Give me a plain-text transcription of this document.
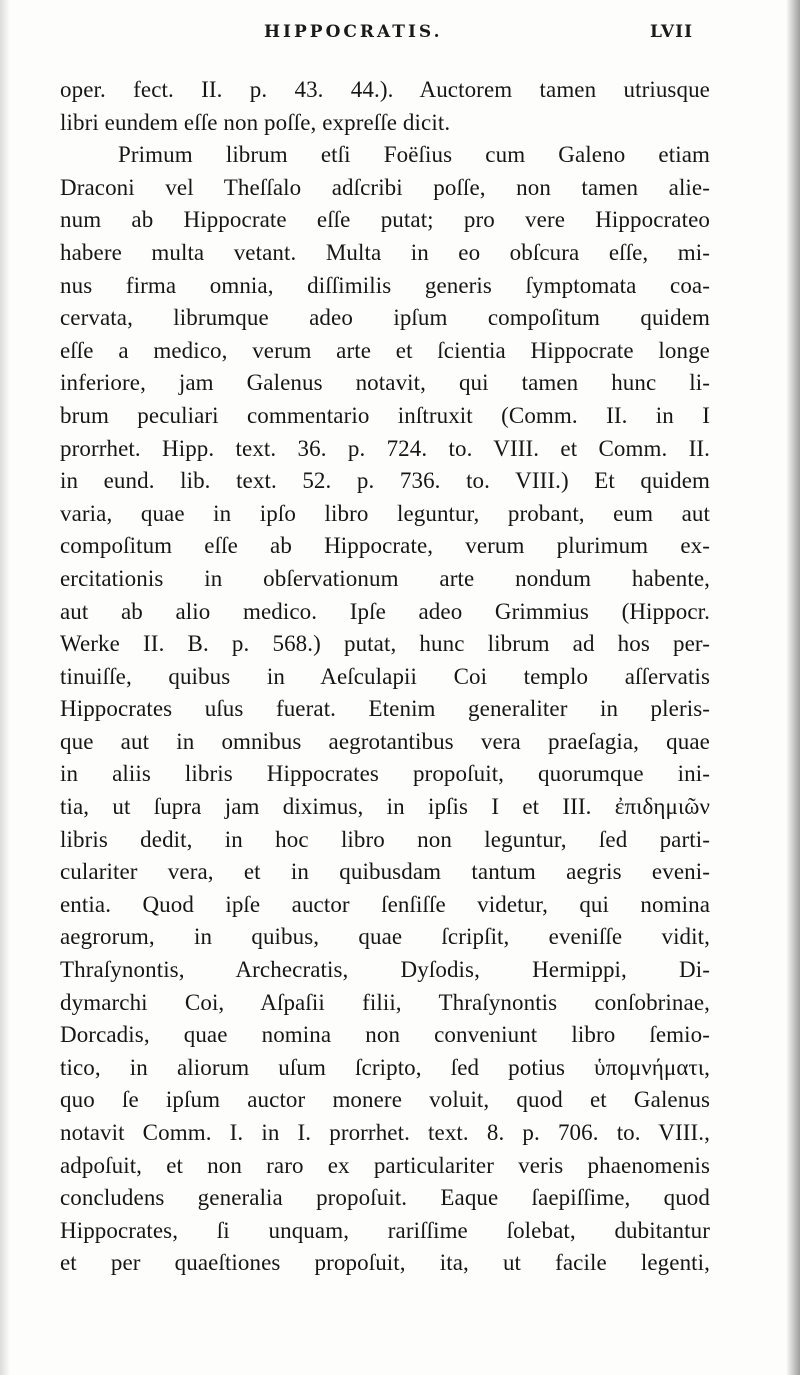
HIPPOCRATIS.	LVII
oper. fect. II. p. 43. 44.). Auctorem tamen utriusque
libri eundem eſſe non poſſe, expreſſe dicit.
Primum librum etſi Foëſius cum Galeno etiam
Draconi vel Theſſalo adſcribi poſſe, non tamen alie-
num ab Hippocrate eſſe putat; pro vere Hippocrateo
habere multa vetant. Multa in eo obſcura eſſe, mi-
nus firma omnia, diſſimilis generis ſymptomata coa-
cervata, librumque adeo ipſum compoſitum quidem
eſſe a medico, verum arte et ſcientia Hippocrate longe
inferiore, jam Galenus notavit, qui tamen hunc li-
brum peculiari commentario inſtruxit (Comm. II. in I
prorrhet. Hipp. text. 36. p. 724. to. VIII. et Comm. II.
in eund. lib. text. 52. p. 736. to. VIII.) Et quidem
varia, quae in ipſo libro leguntur, probant, eum aut
compoſitum eſſe ab Hippocrate, verum plurimum ex-
ercitationis in obſervationum arte nondum habente,
aut ab alio medico. Ipſe adeo Grimmius (Hippocr.
Werke II. B. p. 568.) putat, hunc librum ad hos per-
tinuiſſe, quibus in Aeſculapii Coi templo aſſervatis
Hippocrates uſus fuerat. Etenim generaliter in pleris-
que aut in omnibus aegrotantibus vera praeſagia, quae
in aliis libris Hippocrates propoſuit, quorumque ini-
tia, ut ſupra jam diximus, in ipſis I et III. ἐπιδημιῶν
libris dedit, in hoc libro non leguntur, ſed parti-
culariter vera, et in quibusdam tantum aegris eveni-
entia. Quod ipſe auctor ſenſiſſe videtur, qui nomina
aegrorum, in quibus, quae ſcripſit, eveniſſe vidit,
Thraſynontis, Archecratis, Dyſodis, Hermippi, Di-
dymarchi Coi, Aſpaſii filii, Thraſynontis conſobrinae,
Dorcadis, quae nomina non conveniunt libro ſemio-
tico, in aliorum uſum ſcripto, ſed potius ὑπομνήματι,
quo ſe ipſum auctor monere voluit, quod et Galenus
notavit Comm. I. in I. prorrhet. text. 8. p. 706. to. VIII.,
adpoſuit, et non raro ex particulariter veris phaenomenis
concludens generalia propoſuit. Eaque ſaepiſſime, quod
Hippocrates, ſi unquam, rariſſime ſolebat, dubitantur
et per quaeſtiones propoſuit, ita, ut facile legenti,
